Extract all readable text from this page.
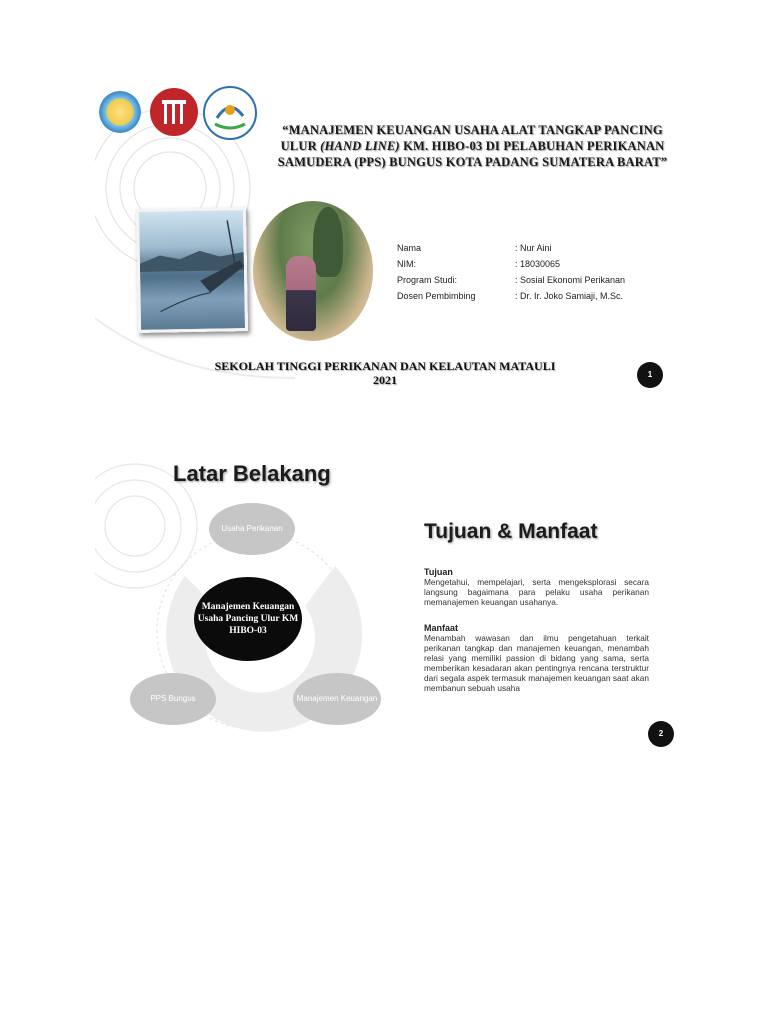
“MANAJEMEN KEUANGAN USAHA ALAT TANGKAP PANCING ULUR (HAND LINE) KM. HIBO-03 DI PELABUHAN PERIKANAN SAMUDERA (PPS) BUNGUS KOTA PADANG SUMATERA BARAT”
Nama	: Nur Aini
NIM:	: 18030065
Program Studi:	: Sosial Ekonomi Perikanan
Dosen Pembimbing	: Dr. Ir. Joko Samiaji, M.Sc.
SEKOLAH TINGGI PERIKANAN DAN KELAUTAN MATAULI
2021	1
Latar Belakang
Usaha Perikanan
PPS Bungus	Manajemen Keuangan
Manajemen Keuangan Usaha Pancing Ulur KM HIBO-03
Tujuan & Manfaat
Tujuan
Mengetahui, mempelajari, serta mengeksplorasi secara langsung bagaimana para pelaku usaha perikanan memanajemen keuangan usahanya.
Manfaat
Menambah wawasan dan ilmu pengetahuan terkait perikanan tangkap dan manajemen keuangan, menambah relasi yang memiliki passion di bidang yang sama, serta memberikan kesadaran akan pentingnya rencana terstruktur dari segala aspek termasuk manajemen keuangan saat akan membanun sebuah usaha
2
